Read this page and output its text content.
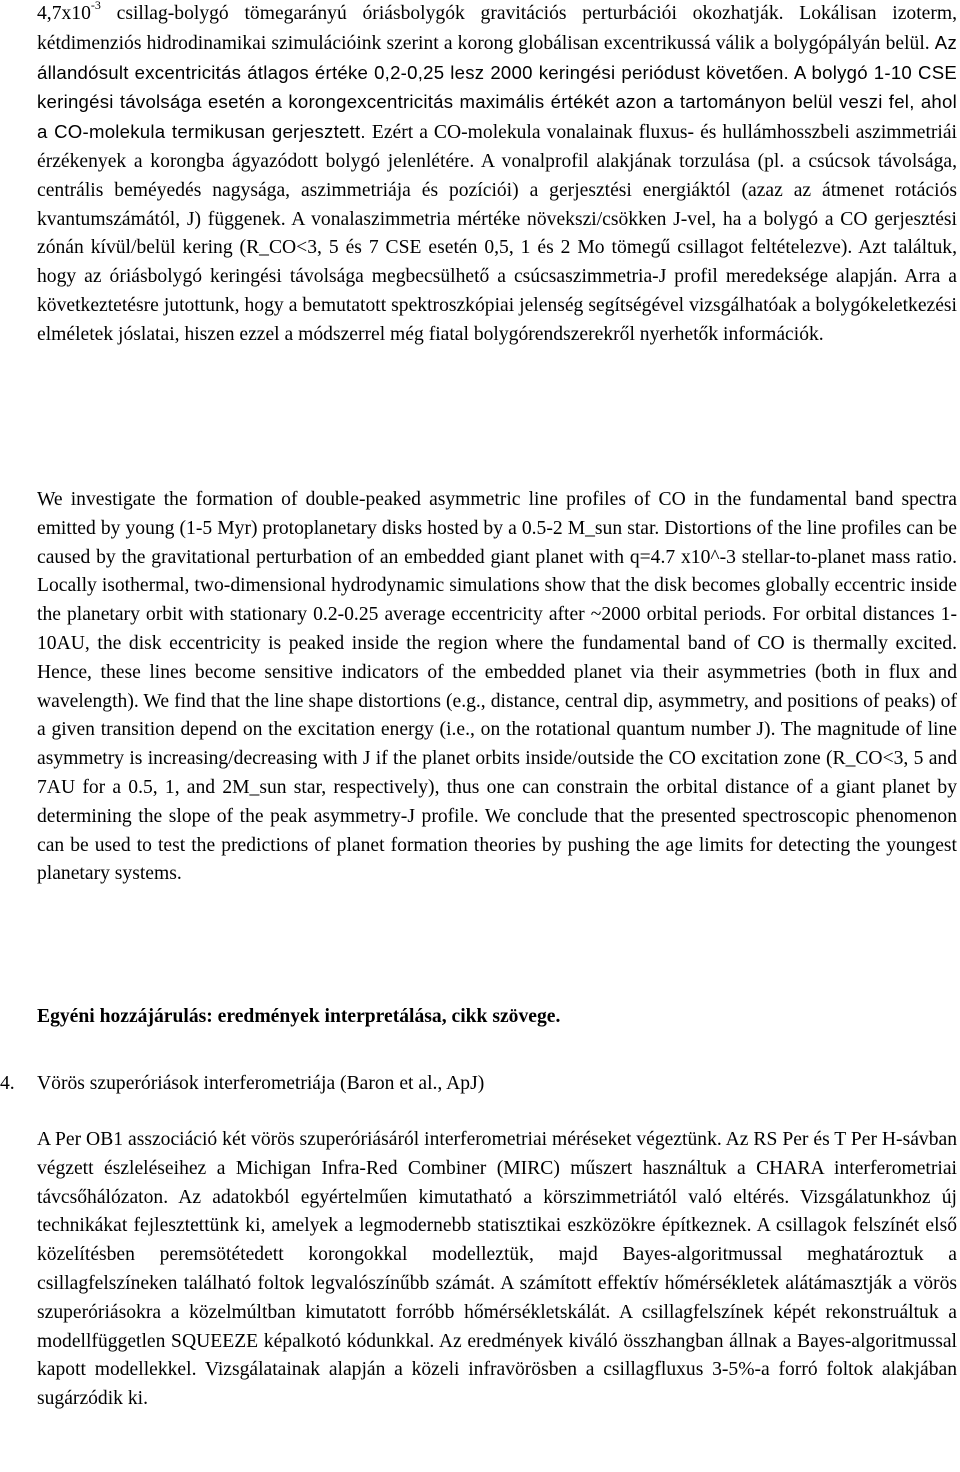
$4,7x10^{-3}$ csillag-bolygó tömegarányú óriásbolygók gravitációs perturbációi okozhatják. Lokálisan izoterm, kétdimenziós hidrodinamikai szimulációink szerint a korong globálisan excentrikussá válik a bolygópályán belül. Az állandósult excentricitás átlagos értéke 0,2-0,25 lesz 2000 keringési periódust követően. A bolygó 1-10 CSE keringési távolsága esetén a korongexcentricitás maximális értékét azon a tartományon belül veszi fel, ahol a CO-molekula termikusan gerjesztett. Ezért a CO-molekula vonalainak fluxus- és hullámhosszbeli aszimmetriái érzékenyek a korongba ágyazódott bolygó jelenlétére. A vonalprofil alakjának torzulása (pl. a csúcsok távolsága, centrális beméyedés nagysága, aszimmetriája és pozíciói) a gerjesztési energiáktól (azaz az átmenet rotációs kvantumszámától, J) függenek. A vonalaszimmetria mértéke növekszi/csökken J-vel, ha a bolygó a CO gerjesztési zónán kívül/belül kering (R_CO<3, 5 és 7 CSE esetén 0,5, 1 és 2 Mo tömegű csillagot feltételezve). Azt találtuk, hogy az óriásbolygó keringési távolsága megbecsülhető a csúcsaszimmetria-J profil meredeksége alapján. Arra a következtetésre jutottunk, hogy a bemutatott spektroszkópiai jelenség segítségével vizsgálhatóak a bolygókeletkezési elméletek jóslatai, hiszen ezzel a módszerrel még fiatal bolygórendszerekről nyerhetők információk.

We investigate the formation of double-peaked asymmetric line profiles of CO in the fundamental band spectra emitted by young (1-5 Myr) protoplanetary disks hosted by a 0.5-2 M_sun star. Distortions of the line profiles can be caused by the gravitational perturbation of an embedded giant planet with q=4.7 x10^-3 stellar-to-planet mass ratio. Locally isothermal, two-dimensional hydrodynamic simulations show that the disk becomes globally eccentric inside the planetary orbit with stationary 0.2-0.25 average eccentricity after ~2000 orbital periods. For orbital distances 1-10AU, the disk eccentricity is peaked inside the region where the fundamental band of CO is thermally excited. Hence, these lines become sensitive indicators of the embedded planet via their asymmetries (both in flux and wavelength). We find that the line shape distortions (e.g., distance, central dip, asymmetry, and positions of peaks) of a given transition depend on the excitation energy (i.e., on the rotational quantum number J). The magnitude of line asymmetry is increasing/decreasing with J if the planet orbits inside/outside the CO excitation zone (R_CO<3, 5 and 7AU for a 0.5, 1, and 2M_sun star, respectively), thus one can constrain the orbital distance of a giant planet by determining the slope of the peak asymmetry-J profile. We conclude that the presented spectroscopic phenomenon can be used to test the predictions of planet formation theories by pushing the age limits for detecting the youngest planetary systems.

Egyéni hozzájárulás: eredmények interpretálása, cikk szövege.

4. Vörös szuperóriások interferometriája (Baron et al., ApJ)

A Per OB1 asszociáció két vörös szuperóriásáról interferometriai méréseket végeztünk. Az RS Per és T Per H-sávban végzett észleléseihez a Michigan Infra-Red Combiner (MIRC) műszert használtuk a CHARA interferometriai távcsőhálózaton. Az adatokból egyértelműen kimutatható a körszimmetriától való eltérés. Vizsgálatunkhoz új technikákat fejlesztettünk ki, amelyek a legmodernebb statisztikai eszközökre építkeznek. A csillagok felszínét első közelítésben peremsötétedett korongokkal modelleztük, majd Bayes-algoritmussal meghatároztuk a csillagfelszíneken található foltok legvalószínűbb számát. A számított effektív hőmérsékletek alátámasztják a vörös szuperóriásokra a közelmúltban kimutatott forróbb hőmérsékletskálát. A csillagfelszínek képét rekonstruáltuk a modellfüggetlen SQUEEZE képalkotó kódunkkal. Az eredmények kiváló összhangban állnak a Bayes-algoritmussal kapott modellekkel. Vizsgálatainak alapján a közeli infravörösben a csillagfluxus 3-5%-a forró foltok alakjában sugárzódik ki.
